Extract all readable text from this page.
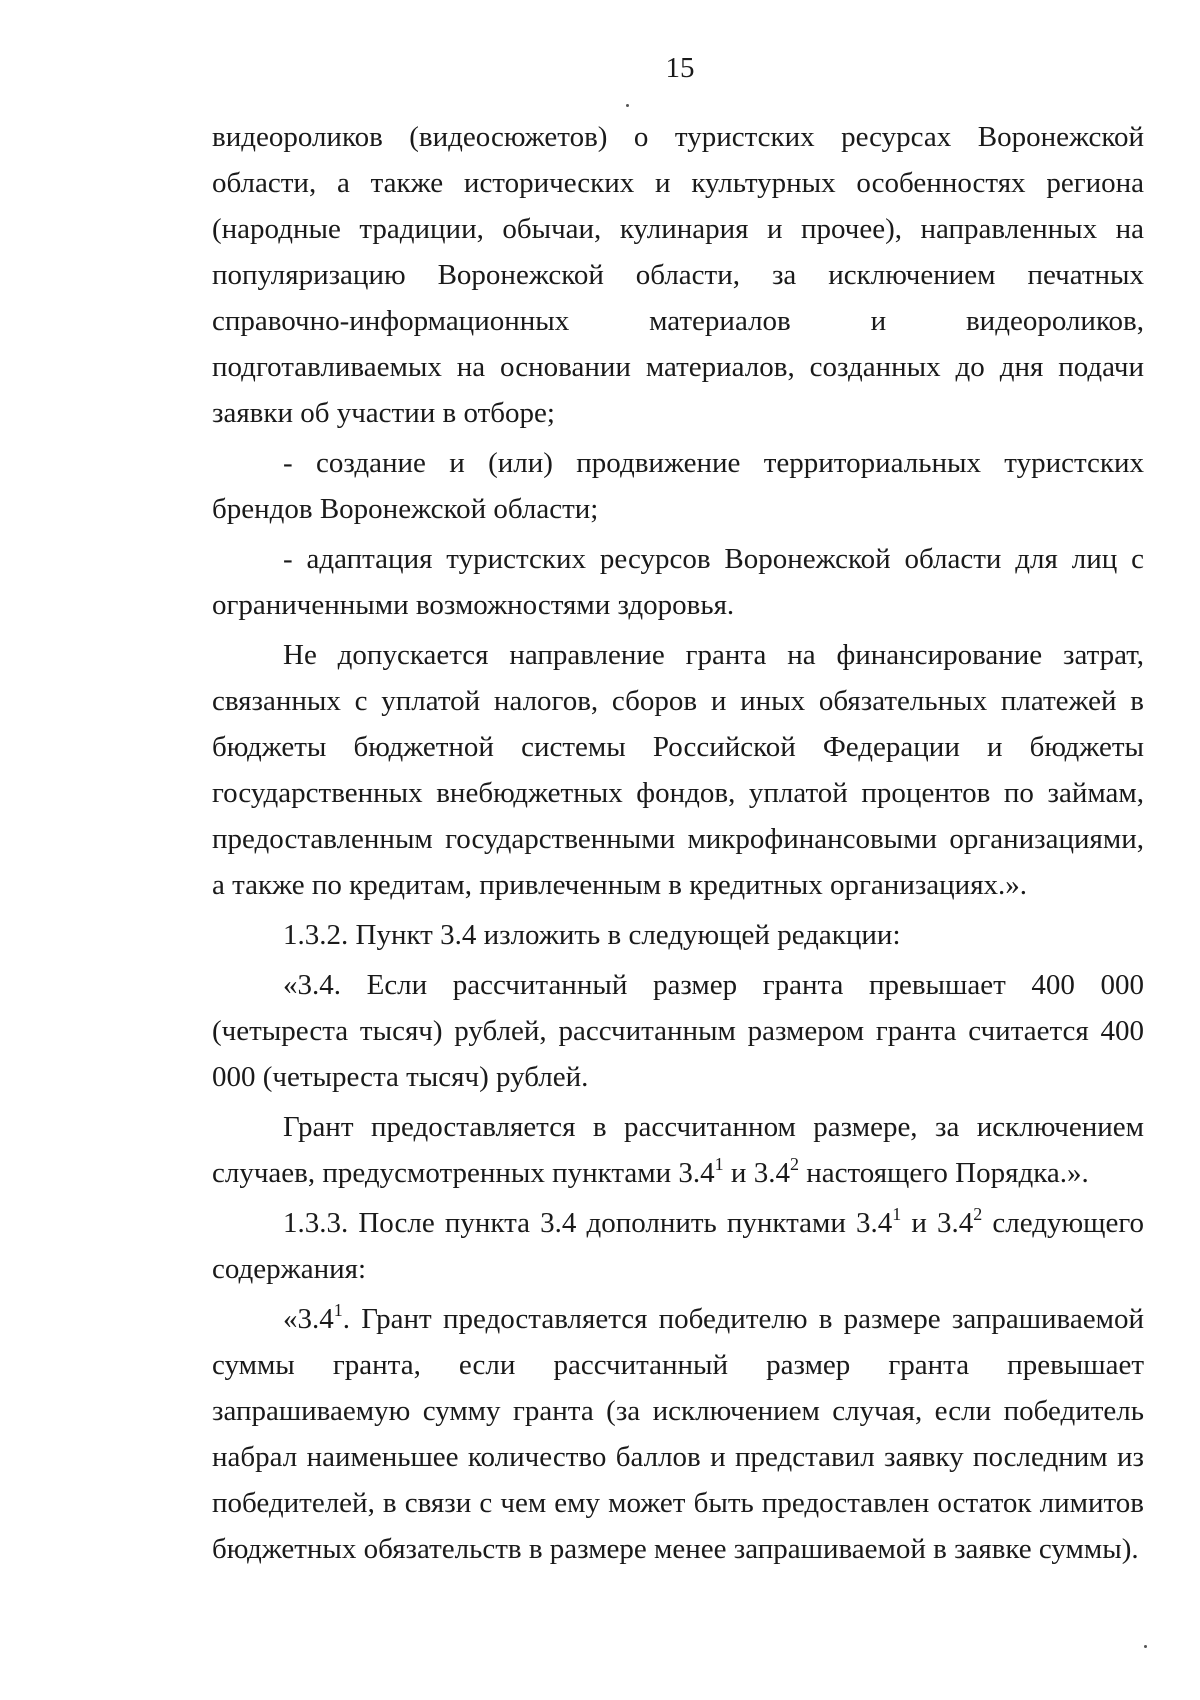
15

видеороликов (видеосюжетов) о туристских ресурсах Воронежской области, а также исторических и культурных особенностях региона (народные традиции, обычаи, кулинария и прочее), направленных на популяризацию Воронежской области, за исключением печатных справочно-информационных материалов и видеороликов, подготавливаемых на основании материалов, созданных до дня подачи заявки об участии в отборе;

- создание и (или) продвижение территориальных туристских брендов Воронежской области;

- адаптация туристских ресурсов Воронежской области для лиц с ограниченными возможностями здоровья.

Не допускается направление гранта на финансирование затрат, связанных с уплатой налогов, сборов и иных обязательных платежей в бюджеты бюджетной системы Российской Федерации и бюджеты государственных внебюджетных фондов, уплатой процентов по займам, предоставленным государственными микрофинансовыми организациями, а также по кредитам, привлеченным в кредитных организациях.».

1.3.2. Пункт 3.4 изложить в следующей редакции:

«3.4. Если рассчитанный размер гранта превышает 400 000 (четыреста тысяч) рублей, рассчитанным размером гранта считается 400 000 (четыреста тысяч) рублей.

Грант предоставляется в рассчитанном размере, за исключением случаев, предусмотренных пунктами $3.4^1$ и $3.4^2$ настоящего Порядка.».

1.3.3. После пункта 3.4 дополнить пунктами $3.4^1$ и $3.4^2$ следующего содержания:

«$3.4^1$. Грант предоставляется победителю в размере запрашиваемой суммы гранта, если рассчитанный размер гранта превышает запрашиваемую сумму гранта (за исключением случая, если победитель набрал наименьшее количество баллов и представил заявку последним из победителей, в связи с чем ему может быть предоставлен остаток лимитов бюджетных обязательств в размере менее запрашиваемой в заявке суммы).
